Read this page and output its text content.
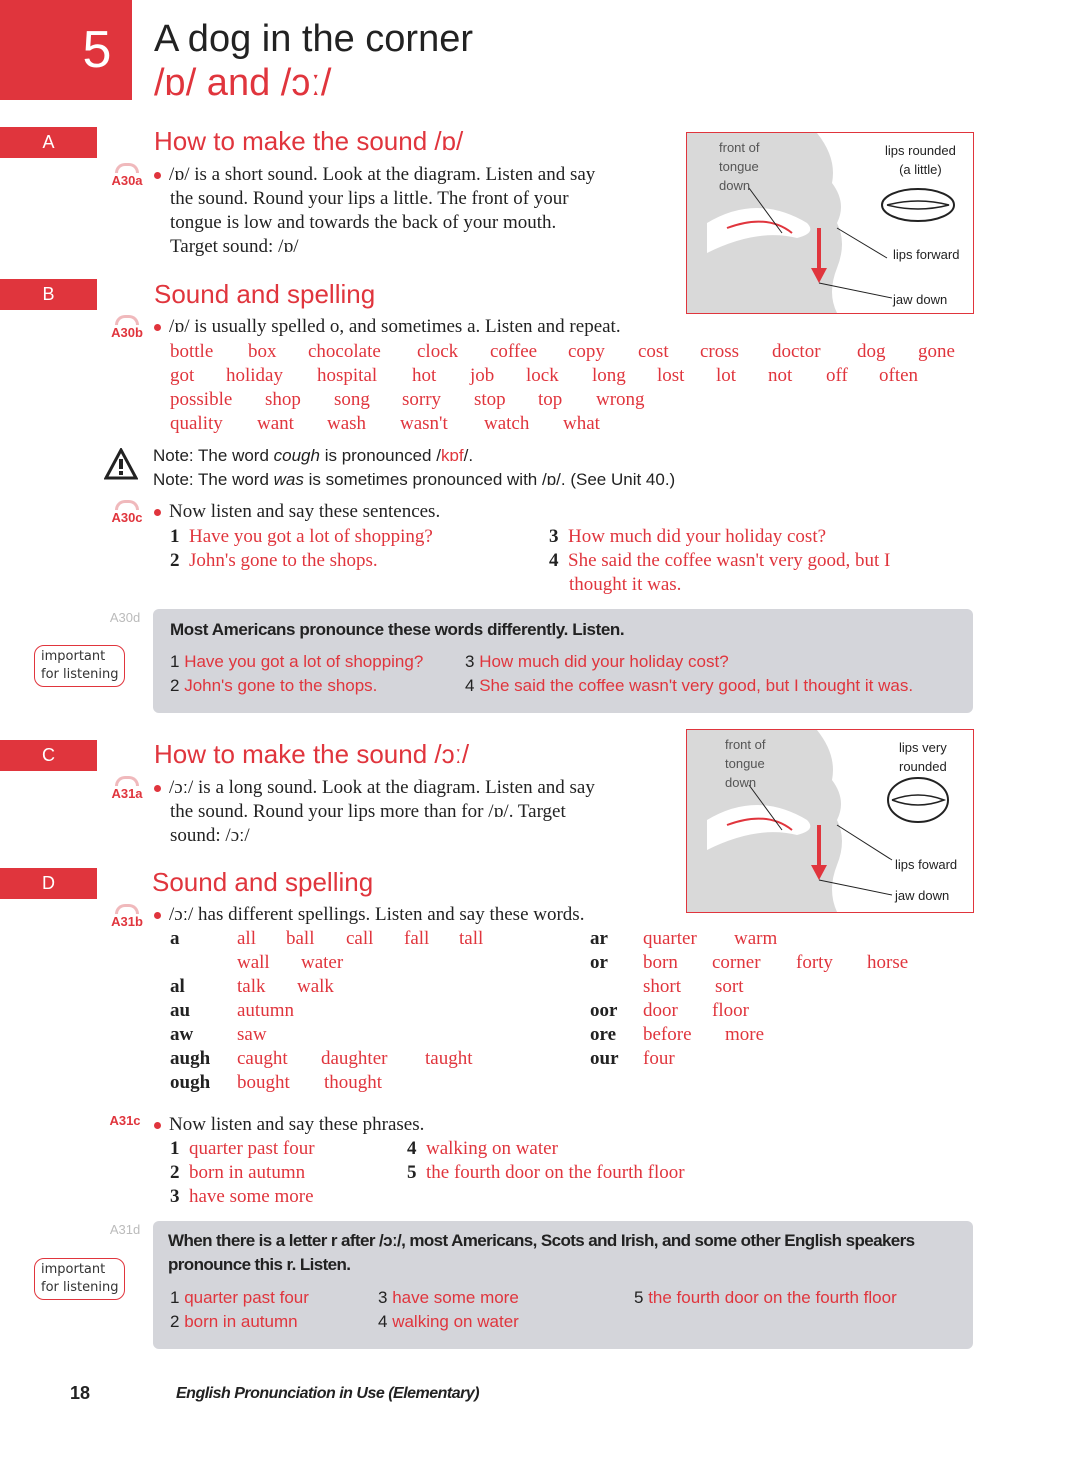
5	A dog in the corner
/ɒ/ and /ɔː/
A	How to make the sound /ɒ/
A30a	/ɒ/ is a short sound. Look at the diagram. Listen and say
the sound. Round your lips a little. The front of your
tongue is low and towards the back of your mouth.
Target sound: /ɒ/
front of
tongue
down
lips rounded
(a little)
lips forward
jaw down
B	Sound and spelling
A30b	/ɒ/ is usually spelled o, and sometimes a. Listen and repeat.
bottle box chocolate clock coffee copy cost cross doctor dog gone
got holiday hospital hot job lock long lost lot not off often
possible shop song sorry stop top wrong
quality want wash wasn't watch what
Note: The word cough is pronounced /kɒf/.
Note: The word was is sometimes pronounced with /ɒ/. (See Unit 40.)
A30c	Now listen and say these sentences.
1 Have you got a lot of shopping?
2 John's gone to the shops.
3 How much did your holiday cost?
4 She said the coffee wasn't very good, but I
thought it was.
A30d
important
for listening
Most Americans pronounce these words differently. Listen.
1 Have you got a lot of shopping?
2 John's gone to the shops.
3 How much did your holiday cost?
4 She said the coffee wasn't very good, but I thought it was.
C	How to make the sound /ɔː/
A31a	/ɔː/ is a long sound. Look at the diagram. Listen and say
the sound. Round your lips more than for /ɒ/. Target
sound: /ɔː/
front of
tongue
down
lips very
rounded
lips foward
jaw down
D	Sound and spelling
A31b	/ɔː/ has different spellings. Listen and say these words.
a	all ball call fall tall
wall water
al	talk walk
au autumn
aw saw
augh caught daughter taught
ough bought thought
ar quarter warm
or born corner forty horse
short sort
oor door floor
ore before more
our four
A31c	Now listen and say these phrases.
1 quarter past four
2 born in autumn
3 have some more
4 walking on water
5 the fourth door on the fourth floor
A31d
important
for listening
When there is a letter r after /ɔː/, most Americans, Scots and Irish, and some other English speakers
pronounce this r. Listen.
1 quarter past four
2 born in autumn
3 have some more
4 walking on water
5 the fourth door on the fourth floor
18	English Pronunciation in Use (Elementary)
